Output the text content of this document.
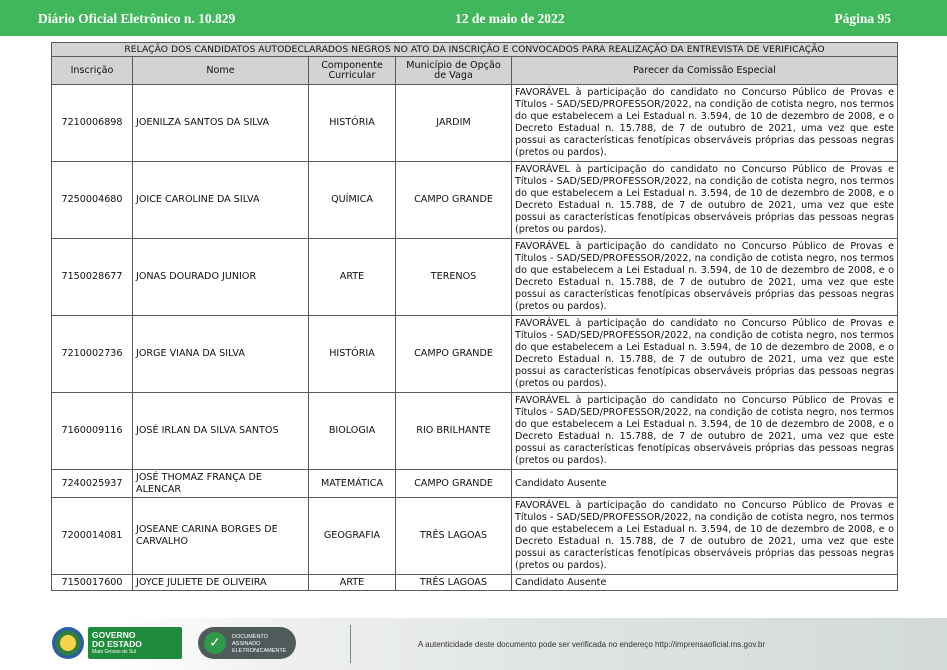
Diário Oficial Eletrônico n. 10.829	12 de maio de 2022	Página 95
RELAÇÃO DOS CANDIDATOS AUTODECLARADOS NEGROS NO ATO DA INSCRIÇÃO E CONVOCADOS PARA REALIZAÇÃO DA ENTREVISTA DE VERIFICAÇÃO				
Inscrição	Nome	Componente Curricular	Município de Opção de Vaga	Parecer da Comissão Especial
7210006898	JOENILZA SANTOS DA SILVA	HISTÓRIA	JARDIM	FAVORÁVEL à participação do candidato no Concurso Público de Provas e Títulos - SAD/SED/PROFESSOR/2022, na condição de cotista negro, nos termos do que estabelecem a Lei Estadual n. 3.594, de 10 de dezembro de 2008, e o Decreto Estadual n. 15.788, de 7 de outubro de 2021, uma vez que este possui as características fenotípicas observáveis próprias das pessoas negras (pretos ou pardos).
7250004680	JOICE CAROLINE DA SILVA	QUÍMICA	CAMPO GRANDE	FAVORÁVEL à participação do candidato no Concurso Público de Provas e Títulos - SAD/SED/PROFESSOR/2022, na condição de cotista negro, nos termos do que estabelecem a Lei Estadual n. 3.594, de 10 de dezembro de 2008, e o Decreto Estadual n. 15.788, de 7 de outubro de 2021, uma vez que este possui as características fenotípicas observáveis próprias das pessoas negras (pretos ou pardos).
7150028677	JONAS DOURADO JUNIOR	ARTE	TERENOS	FAVORÁVEL à participação do candidato no Concurso Público de Provas e Títulos - SAD/SED/PROFESSOR/2022, na condição de cotista negro, nos termos do que estabelecem a Lei Estadual n. 3.594, de 10 de dezembro de 2008, e o Decreto Estadual n. 15.788, de 7 de outubro de 2021, uma vez que este possui as características fenotípicas observáveis próprias das pessoas negras (pretos ou pardos).
7210002736	JORGE VIANA DA SILVA	HISTÓRIA	CAMPO GRANDE	FAVORÁVEL à participação do candidato no Concurso Público de Provas e Títulos - SAD/SED/PROFESSOR/2022, na condição de cotista negro, nos termos do que estabelecem a Lei Estadual n. 3.594, de 10 de dezembro de 2008, e o Decreto Estadual n. 15.788, de 7 de outubro de 2021, uma vez que este possui as características fenotípicas observáveis próprias das pessoas negras (pretos ou pardos).
7160009116	JOSÉ IRLAN DA SILVA SANTOS	BIOLOGIA	RIO BRILHANTE	FAVORÁVEL à participação do candidato no Concurso Público de Provas e Títulos - SAD/SED/PROFESSOR/2022, na condição de cotista negro, nos termos do que estabelecem a Lei Estadual n. 3.594, de 10 de dezembro de 2008, e o Decreto Estadual n. 15.788, de 7 de outubro de 2021, uma vez que este possui as características fenotípicas observáveis próprias das pessoas negras (pretos ou pardos).
7240025937	JOSÉ THOMAZ FRANÇA DE ALENCAR	MATEMÁTICA	CAMPO GRANDE	Candidato Ausente
7200014081	JOSEANE CARINA BORGES DE CARVALHO	GEOGRAFIA	TRÊS LAGOAS	FAVORÁVEL à participação do candidato no Concurso Público de Provas e Títulos - SAD/SED/PROFESSOR/2022, na condição de cotista negro, nos termos do que estabelecem a Lei Estadual n. 3.594, de 10 de dezembro de 2008, e o Decreto Estadual n. 15.788, de 7 de outubro de 2021, uma vez que este possui as características fenotípicas observáveis próprias das pessoas negras (pretos ou pardos).
7150017600	JOYCE JULIETE DE OLIVEIRA	ARTE	TRÊS LAGOAS	Candidato Ausente
GOVERNO
DO ESTADO
Mato Grosso do Sul
✓	DOCUMENTO
ASSINADO
ELETRONICAMENTE
A autenticidade deste documento pode ser verificada no endereço http://imprensaoficial.ms.gov.br
